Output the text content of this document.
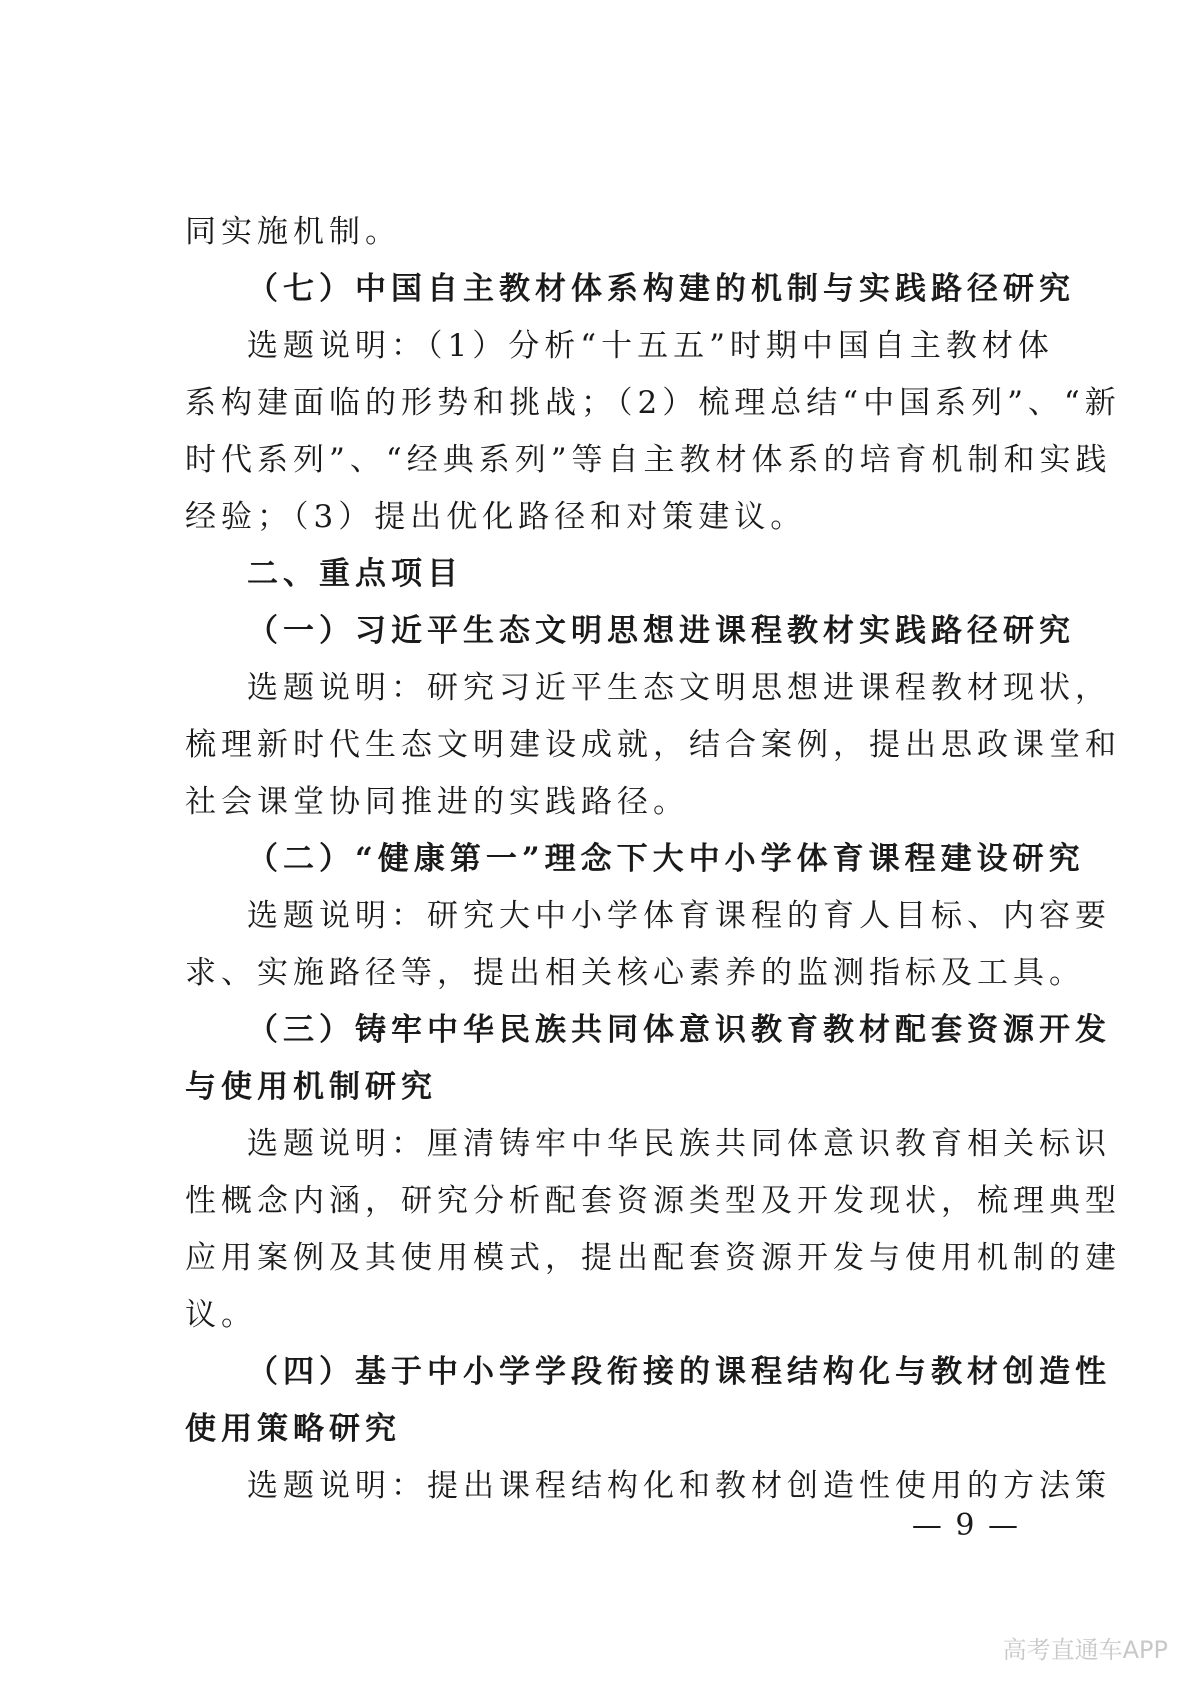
同实施机制。
（七）中国自主教材体系构建的机制与实践路径研究
选题说明：（1）分析“十五五”时期中国自主教材体
系构建面临的形势和挑战；（2）梳理总结“中国系列”、“新
时代系列”、“经典系列”等自主教材体系的培育机制和实践
经验；（3）提出优化路径和对策建议。
二、重点项目
（一）习近平生态文明思想进课程教材实践路径研究
选题说明：研究习近平生态文明思想进课程教材现状，
梳理新时代生态文明建设成就，结合案例，提出思政课堂和
社会课堂协同推进的实践路径。
（二）“健康第一”理念下大中小学体育课程建设研究
选题说明：研究大中小学体育课程的育人目标、内容要
求、实施路径等，提出相关核心素养的监测指标及工具。
（三）铸牢中华民族共同体意识教育教材配套资源开发
与使用机制研究
选题说明：厘清铸牢中华民族共同体意识教育相关标识
性概念内涵，研究分析配套资源类型及开发现状，梳理典型
应用案例及其使用模式，提出配套资源开发与使用机制的建
议。
（四）基于中小学学段衔接的课程结构化与教材创造性
使用策略研究
选题说明：提出课程结构化和教材创造性使用的方法策
— 9 —
高考直通车APP
